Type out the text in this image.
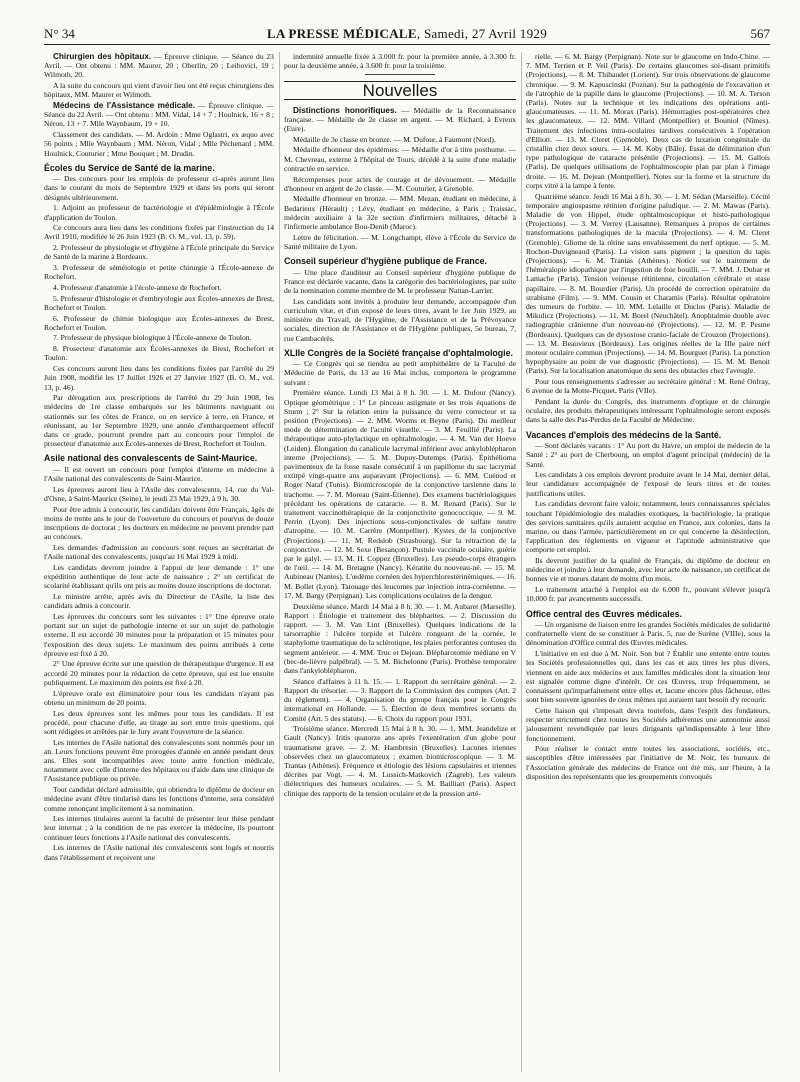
N° 34	LA PRESSE MÉDICALE, Samedi, 27 Avril 1929	567

Chirurgien des hôpitaux. — Épreuve clinique. — Séance du 23 Avril. — Ont obtenu : MM. Maurer, 20 ; Oberlin, 20 ; Leibovici, 19 ; Wilmoth, 20.

A la suite du concours qui vient d'avoir lieu ont été reçus chirurgiens des hôpitaux, MM. Maurer et Wilmoth.

Médecins de l'Assistance médicale. — Épreuve clinique. — Séance du 22 Avril. — Ont obtenu : MM. Vidal, 14 + 7 ; Houlnick, 16 + 8 ; Néron, 13 + 7. Mlle Waynbaum, 19 + 10.

Classement des candidats. — M. Ardoin ; Mme Oglastri, ex æquo avec 56 points ; Mlle Waynbaum ; MM. Néron, Vidal ; Mlle Péchenard ; MM. Houlnick, Couturier ; Mme Bouquet ; M. Drudin.

Écoles du Service de Santé de la marine.

— Des concours pour les emplois de professeur ci-après auront lieu dans le courant du mois de Septembre 1929 et dans les ports qui seront désignés ultérieurement.

1. Adjoint au professeur de bactériologie et d'épidémiologie à l'École d'application de Toulon.

Ce concours aura lieu dans les conditions fixées par l'instruction du 14 Avril 1910, modifiée le 26 Juin 1923 (B. O. M., vol. 13, p. 59).

2. Professeur de physiologie et d'hygiène à l'École principale du Service de Santé de la marine à Bordeaux.

3. Professeur de séméiologie et petite chirurgie à l'École-annexe de Rochefort.

4. Professeur d'anatomie à l'école-annexe de Rochefort.

5. Professeur d'histologie et d'embryologie aux Écoles-annexes de Brest, Rochefort et Toulon.

6. Professeur de chimie biologique aux Écoles-annexes de Brest, Rochefort et Toulon.

7. Professeur de physique biologique à l'École-annexe de Toulon.

8. Prosecteur d'anatomie aux Écoles-annexes de Brest, Rochefort et Toulon.

Ces concours auront lieu dans les conditions fixées par l'arrêté du 29 Juin 1908, modifié les 17 Juillet 1926 et 27 Janvier 1927 (B. O. M., vol. 13, p. 46).

Par dérogation aux prescriptions de l'arrêté du 29 Juin 1908, les médecins de 1re classe embarqués sur les bâtiments naviguant ou stationnés sur les côtes de France, ou en service à terre, en France, et réunissant, au 1er Septembre 1929, une année d'embarquement effectif dans ce grade, pourront prendre part au concours pour l'emploi de prosecteur d'anatomie aux Écoles-annexes de Brest, Rochefort et Toulon.

Asile national des convalescents de Saint-Maurice.

— Il est ouvert un concours pour l'emploi d'interne en médecine à l'Asile national des convalescents de Saint-Maurice.

Les épreuves auront lieu à l'Asile des convalescents, 14, rue du Val-d'Osne, à Saint-Maurice (Seine), le jeudi 23 Mai 1929, à 9 h. 30.

Pour être admis à concourir, les candidats doivent être Français, âgés de moins de trente ans le jour de l'ouverture du concours et pourvus de douze inscriptions de doctorat ; les docteurs en médecine ne peuvent prendre part au concours.

Les demandes d'admission au concours sont reçues au secrétariat de l'Asile national des convalescents, jusqu'au 16 Mai 1929 à midi.

Les candidats devront joindre à l'appui de leur demande : 1° une expédition authentique de leur acte de naissance ; 2° un certificat de scolarité établissant qu'ils ont pris au moins douze inscriptions de doctorat.

Le ministre arrête, après avis du Directeur de l'Asile, la liste des candidats admis à concourir.

Les épreuves du concours sont les suivantes : 1° Une épreuve orale portant sur un sujet de pathologie interne et sur un sujet de pathologie externe. Il est accordé 30 minutes pour la préparation et 15 minutes pour l'exposition des deux sujets. Le maximum des points attribués à cette épreuve est fixé à 20.

2° Une épreuve écrite sur une question de thérapeutique d'urgence. Il est accordé 20 minutes pour la rédaction de cette épreuve, qui est lue ensuite publiquement. Le maximum des points est fixé à 20.

L'épreuve orale est éliminatoire pour tous les candidats n'ayant pas obtenu un minimum de 20 points.

Les deux épreuves sont les mêmes pour tous les candidats. Il est procédé, pour chacune d'elle, au tirage au sort entre trois questions, qui sont rédigées et arrêtées par le Jury avant l'ouverture de la séance.

Les internes de l'Asile national des convalescents sont nommés pour un an. Leurs fonctions peuvent être prorogées d'année en année pendant deux ans. Elles sont incompatibles avec toute autre fonction médicale, notamment avec celle d'interne des hôpitaux ou d'aide dans une clinique de l'Assistance publique ou privée.

Tout candidat déclaré admissible, qui obtiendra le diplôme de docteur en médecine avant d'être titularisé dans les fonctions d'interne, sera considéré comme renonçant implicitement à sa nomination.

Les internes titulaires auront la faculté de présenter leur thèse pendant leur internat ; à la condition de ne pas exercer la médecine, ils pourront continuer leurs fonctions à l'Asile national des convalescents.

Les internes de l'Asile national des convalescents sont logés et nourris dans l'établissement et reçoivent une

indemnité annuelle fixée à 3.000 fr. pour la première année, à 3.300 fr. pour la deuxième année, à 3.600 fr. pour la troisième.

Nouvelles

Distinctions honorifiques. — Médaille de la Reconnaissance française. — Médaille de 2e classe en argent. — M. Richard, à Evreux (Eure).

Médaille de 3e classe en bronze. — M. Dufour, à Faumont (Nord).

Médaille d'honneur des épidémies. — Médaille d'or à titre posthume. — M. Chevreau, externe à l'hôpital de Tours, décédé à la suite d'une maladie contractée en service.

Récompenses pour actes de courage et de dévouement. — Médaille d'honneur en argent de 2e classe. — M. Couturier, à Grenoble.

Médaille d'honneur en bronze. — MM. Mezan, étudiant en médecine, à Bedarieux (Hérault) ; Lévy, étudiant en médecine, à Paris ; Traissac, médecin auxiliaire à la 32e section d'infirmiers militaires, détaché à l'infirmerie ambulance Bou-Denib (Maroc).

Lettre de félicitation. — M. Longchampt, élève à l'École du Service de Santé militaire de Lyon.

Conseil supérieur d'hygiène publique de France.

— Une place d'auditeur au Conseil supérieur d'hygiène publique de France est déclarée vacante, dans la catégorie des bactériologistes, par suite de la nomination comme membre de M. le professeur Nattan-Larrier.

Les candidats sont invités à produire leur demande, accompagnée d'un curriculum vitæ, et d'un exposé de leurs titres, avant le 1er Juin 1929, au ministère du Travail, de l'Hygiène, de l'Assistance et de la Prévoyance sociales, direction de l'Assistance et de l'Hygiène publiques, 5e bureau, 7, rue Cambacérès.

XLIIe Congrès de la Société française d'ophtalmologie.

— Ce Congrès qui se tiendra au petit amphithéâtre de la Faculté de Médecine de Paris, du 13 au 16 Mai inclus, comportera le programme suivant :

Première séance. Lundi 13 Mai à 8 h. 30. — 1. M. Dufour (Nancy). Optique géométrique : 1° Le pinceau astigmate et les trois équations de Sturm ; 2° Sur la relation entre la puissance du verre correcteur et sa position (Projections). — 2. MM. Worms et Beyne (Paris). Du meilleur mode de détermination de l'acuité visuelle. — 3. M. Feuillié (Paris). La thérapeutique auto-phylactique en ophtalmologie. — 4. M. Van der Hoeve (Leiden). Élongation du canalicule lacrymal inférieur avec ankyloblépharon interne (Projections). — 5. M. Dupuy-Dutemps (Paris). Épithélioma pavimenteux de la fosse nasale consécutif à un papillome du sac lacrymal extirpé vingt-quatre ans auparavant (Projections). — 6. MM. Cuénod et Roger Nataf (Tunis). Biomicroscopie de la conjonctive tarsienne dans le trachome. — 7. M. Moreau (Saint-Étienne). Des examens bactériologiques précédant les opérations de cataracte. — 8. M. Renard (Paris). Sur le traitement vaccinothérapique de la conjonctivite gonococcique. — 9. M. Perrin (Lyon). Des injections sous-conjonctivales de sulfate neutre d'atropine. — 10. M. Carrère (Montpellier). Kystes de la conjonctive (Projections). — 11. M. Redslob (Strasbourg). Sur la rétraction de la conjonctive. — 12. M. Sexe (Besançon). Pustule vaccinale oculaire, guérie par le galyl. — 13. M. H. Coppez (Bruxelles). Les pseudo-corps étrangers de l'œil. — 14. M. Bretagne (Nancy). Kératite du nouveau-né. — 15. M. Aubineau (Nantes). L'œdème cornéen des hyperchlorestérinémiques. — 16. M. Bollet (Lyon). Tatouage des leucomes par injection intra-cornéenne. — 17. M. Bargy (Perpignan). Les complications oculaires de la dengue.

Deuxième séance. Mardi 14 Mai à 8 h. 30. — 1. M. Aubaret (Marseille). Rapport : Étiologie et traitement des blépharites. — 2. Discussion du rapport. — 3. M. Van Lint (Bruxelles). Quelques indications de la tarsorraphie : l'ulcère torpide et l'ulcère rongeant de la cornée, le staphylome traumatique de la sclérotique, les plaies perforantes contuses du segment antérieur. — 4. MM. Truc et Dejean. Blépharotomie médiane en V (bec-de-lièvre palpébral). — 5. M. Bichelonne (Paris). Prothèse temporaire dans l'ankyloblépharon.

Séance d'affaires à 11 h. 15. — 1. Rapport du secrétaire général. — 2. Rapport du trésorier. — 3. Rapport de la Commission des comptes (Art. 2 du règlement). — 4. Organisation du groupe français pour le Congrès international en Hollande. — 5. Élection de deux membres sortants du Comité (Art. 5 des statuts). — 6. Choix du rapport pour 1931.

Troisième séance. Mercredi 15 Mai à 8 h. 30. — 1. MM. Jeandelize et Gault (Nancy). Iritis quatorze ans après l'exentération d'un globe pour traumatisme grave. — 2. M. Hambresin (Bruxelles). Lacunes iriennes observées chez un glaucomateux ; examen biomicroscopique. — 3. M. Trantas (Athènes). Fréquence et étiologie des lésions capsulaires et iriennes décrites par Vogt. — 4. M. Lussich-Matkovich (Zagreb). Les valeurs diélectriques des humeurs oculaires. — 5. M. Bailliart (Paris). Aspect clinique des rapports de la tension oculaire et de la pression arté-

rielle. — 6. M. Bargy (Perpignan). Note sur le glaucome en Indo-Chine. — 7. MM. Terrien et P. Veil (Paris). De certains glaucomes soi-disant primitifs (Projections). — 8. M. Thibaudet (Lorient). Sur trois observations de glaucome chronique. — 9. M. Kapuscinski (Poznan). Sur la pathogénie de l'excavation et de l'atrophie de la papille dans le glaucome (Projections). — 10. M. A. Terson (Paris). Notes sur la technique et les indications des opérations anti-glaucomateuses. — 11. M. Morax (Paris). Hémorragies post-opératoires chez les glaucomateux. — 12. MM. Villard (Montpellier) et Bouniol (Nîmes). Traitement des infections intra-oculaires tardives consécutives à l'opération d'Elliott. — 13. M. Cleret (Grenoble). Deux cas de luxation congénitale du cristallin chez deux sœurs. — 14. M. Koby (Bâle). Essai de délimitation d'un type pathologique de cataracte présénile (Projections). — 15. M. Gallois (Paris). De quelques utilisations de l'ophtalmoscopie plan par plan à l'image droite. — 16. M. Dejean (Montpellier). Notes sur la forme et la structure du corps vitré à la lampe à fente.

Quatrième séance. Jeudi 16 Mai à 8 h. 30. — 1. M. Sédan (Marseille). Cécité temporaire angiospasme rétinien d'origine paludique. — 2. M. Mawas (Paris). Maladie de von Hippel, étude ophtalmoscopique et histo-pathologique (Projections). — 3. M. Verrey (Lausanne). Remarques à propos de certaines transformations pathologiques de la macula (Projections). — 4. M. Cleret (Grenoble). Gliome de la rétine sans envahissement du nerf optique. — 5. M. Rochon-Duvigneaud (Paris). La vision sans pigment ; la question du tapis (Projections). — 6. M. Trantas (Athènes). Notice sur le traitement de l'héméralopie idiopathique par l'ingestion de foie bouilli. — 7. MM. J. Dubar et Lamache (Paris). Tension veineuse rétinienne, circulation cérébrale et stase papillaire. — 8. M. Bourdier (Paris). Un procédé de correction opératoire du strabisme (Film). — 9. MM. Cousin et Charamis (Paris). Résultat opératoire des tumeurs de l'orbite. — 10. MM. Lelaille et Duclos (Paris). Maladie de Mikulicz (Projections). — 11. M. Borel (Neuchâtel). Anophtalmie double avec radiographie crânienne d'un nouveau-né (Projections). — 12. M. P. Pesme (Bordeaux). Quelques cas de dysostose cranio-faciale de Crouzon (Projections). — 13. M. Beauvieux (Bordeaux). Les origines réelles de la IIIe paire nerf moteur oculaire commun (Projections). — 14. M. Bourguet (Paris). La ponction hypophysaire au point de vue diagnostic (Projections). — 15. M. M. Benoit (Paris). Sur la localisation anatomique du sens des obstacles chez l'aveugle.

Pour tous renseignements s'adresser au secrétaire général : M. René Onfray, 6 avenue de la Motte-Picquet, Paris (VIIe).

Pendant la durée du Congrès, des instruments d'optique et de chirurgie oculaire, des produits thérapeutiques intéressant l'ophtalmologie seront exposés dans la salle des Pas-Perdus de la Faculté de Médecine.

Vacances d'emplois des médecins de la Santé.

— Sont déclarés vacants : 1° Au port du Havre, un emploi de médecin de la Santé ; 2° au port de Cherbourg, un emploi d'agent principal (médecin) de la Santé.

Les candidats à ces emplois devront produire avant le 14 Mai, dernier délai, leur candidature accompagnée de l'exposé de leurs titres et de toutes justifications utiles.

Les candidats devront faire valoir, notamment, leurs connaissances spéciales touchant l'épidémiologie des maladies exotiques, la bactériologie, la pratique des services sanitaires qu'ils auraient acquise en France, aux colonies, dans la marine, ou dans l'armée, particulièrement en ce qui concerne la désinfection, l'application des règlements en vigueur et l'aptitude administrative que comporte cet emploi.

Ils devront justifier de la qualité de Français, du diplôme de docteur en médecine et joindre à leur demande, avec leur acte de naissance, un certificat de bonnes vie et mœurs datant de moins d'un mois.

Le traitement attaché à l'emploi est de 6.000 fr., pouvant s'élever jusqu'à 10.000 fr. par avancements successifs.

Office central des Œuvres médicales.

— Un organisme de liaison entre les grandes Sociétés médicales de solidarité confraternelle vient de se constituer à Paris, 5, rue de Surène (VIIIe), sous la dénomination d'Office central des Œuvres médicales.

L'initiative en est due à M. Noir. Son but ? Établir une entente entre toutes les Sociétés professionnelles qui, dans les cas et aux titres les plus divers, viennent en aide aux médecins et aux familles médicales dont la situation leur est signalée comme digne d'intérêt. Or ces Œuvres, trop fréquemment, se connaissent qu'imparfaitement entre elles et, lacune encore plus fâcheuse, elles sont bien souvent ignorées de ceux mêmes qui auraient tant besoin d'y recourir.

Cette liaison qui s'imposait devra toutefois, dans l'esprit des fondateurs, respecter strictement chez toutes les Sociétés adhérentes une autonomie aussi jalousement revendiquée par leurs dirigeants qu'indispensable à leur libre fonctionnement.

Pour réaliser le contact entre toutes les associations, sociétés, etc., susceptibles d'être intéressées par l'initiative de M. Noir, les bureaux de l'Association générale des médecins de France ont été mis, sur l'heure, à la disposition des représentants que les groupements convoqués
